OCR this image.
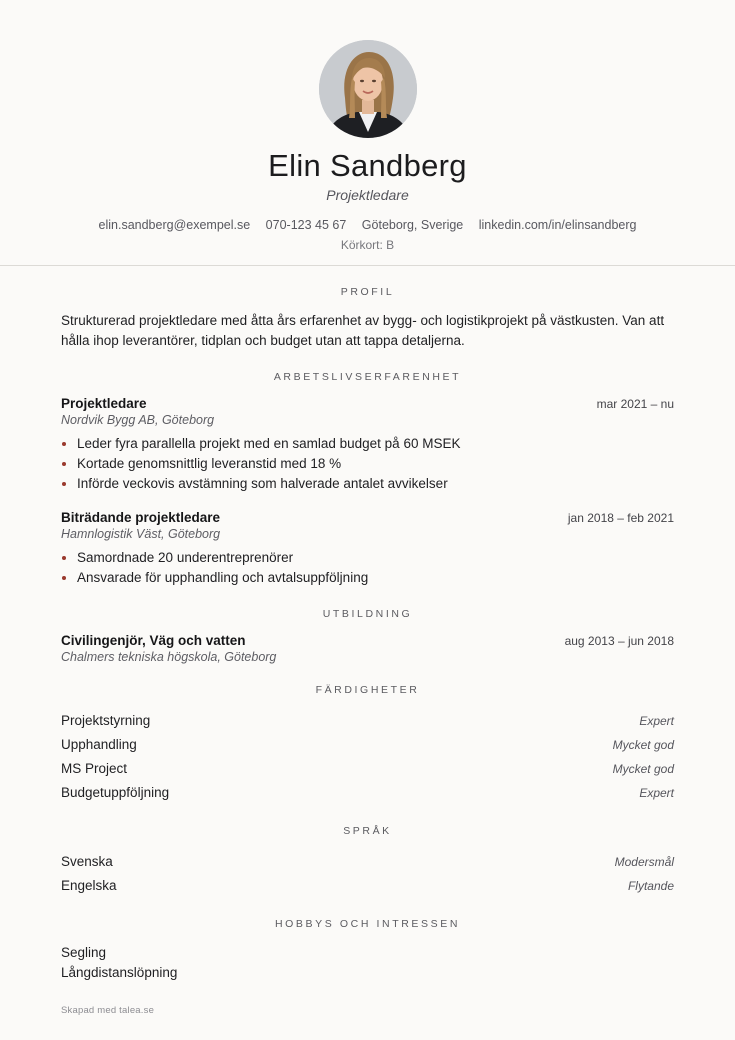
Elin Sandberg
Projektledare
elin.sandberg@exempel.se 070-123 45 67 Göteborg, Sverige linkedin.com/in/elinsandberg
Körkort: B
PROFIL

Strukturerad projektledare med åtta års erfarenhet av bygg- och logistikprojekt på västkusten. Van att hålla ihop leverantörer, tidplan och budget utan att tappa detaljerna.

ARBETSLIVSERFARENHET
Projektledare	mar 2021 – nu
Nordvik Bygg AB, Göteborg
Leder fyra parallella projekt med en samlad budget på 60 MSEK
Kortade genomsnittlig leveranstid med 18 %
Införde veckovis avstämning som halverade antalet avvikelser
Biträdande projektledare	jan 2018 – feb 2021
Hamnlogistik Väst, Göteborg
Samordnade 20 underentreprenörer
Ansvarade för upphandling och avtalsuppföljning
UTBILDNING
Civilingenjör, Väg och vatten	aug 2013 – jun 2018
Chalmers tekniska högskola, Göteborg
FÄRDIGHETER
Projektstyrning	Expert
Upphandling	Mycket god
MS Project	Mycket god
Budgetuppföljning	Expert
SPRÅK
Svenska	Modersmål
Engelska	Flytande
HOBBYS OCH INTRESSEN
Segling
Långdistanslöpning
Skapad med talea.se
